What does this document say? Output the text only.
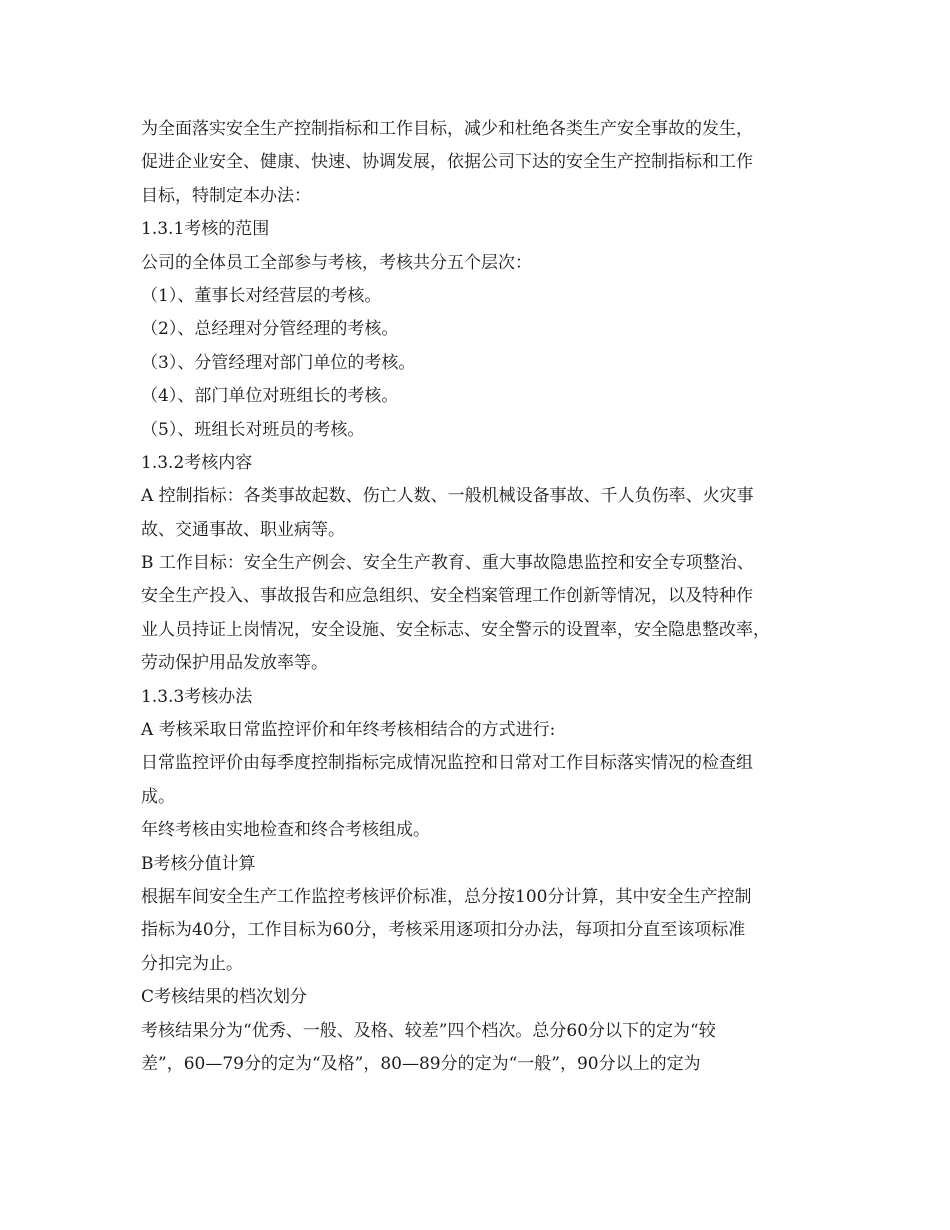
为全面落实安全生产控制指标和工作目标，减少和杜绝各类生产安全事故的发生，
促进企业安全、健康、快速、协调发展，依据公司下达的安全生产控制指标和工作
目标，特制定本办法：
1.3.1考核的范围
公司的全体员工全部参与考核，考核共分五个层次：
（1）、董事长对经营层的考核。
（2）、总经理对分管经理的考核。
（3）、分管经理对部门单位的考核。
（4）、部门单位对班组长的考核。
（5）、班组长对班员的考核。
1.3.2考核内容
A 控制指标：各类事故起数、伤亡人数、一般机械设备事故、千人负伤率、火灾事
故、交通事故、职业病等。
B 工作目标：安全生产例会、安全生产教育、重大事故隐患监控和安全专项整治、
安全生产投入、事故报告和应急组织、安全档案管理工作创新等情况，以及特种作
业人员持证上岗情况，安全设施、安全标志、安全警示的设置率，安全隐患整改率，
劳动保护用品发放率等。
1.3.3考核办法
A 考核采取日常监控评价和年终考核相结合的方式进行:
日常监控评价由每季度控制指标完成情况监控和日常对工作目标落实情况的检查组
成。
年终考核由实地检查和终合考核组成。
B考核分值计算
根据车间安全生产工作监控考核评价标准，总分按100分计算，其中安全生产控制
指标为40分，工作目标为60分，考核采用逐项扣分办法，每项扣分直至该项标准
分扣完为止。
C考核结果的档次划分
考核结果分为“优秀、一般、及格、较差”四个档次。总分60分以下的定为“较
差”，60—79分的定为“及格”，80—89分的定为“一般”，90分以上的定为
